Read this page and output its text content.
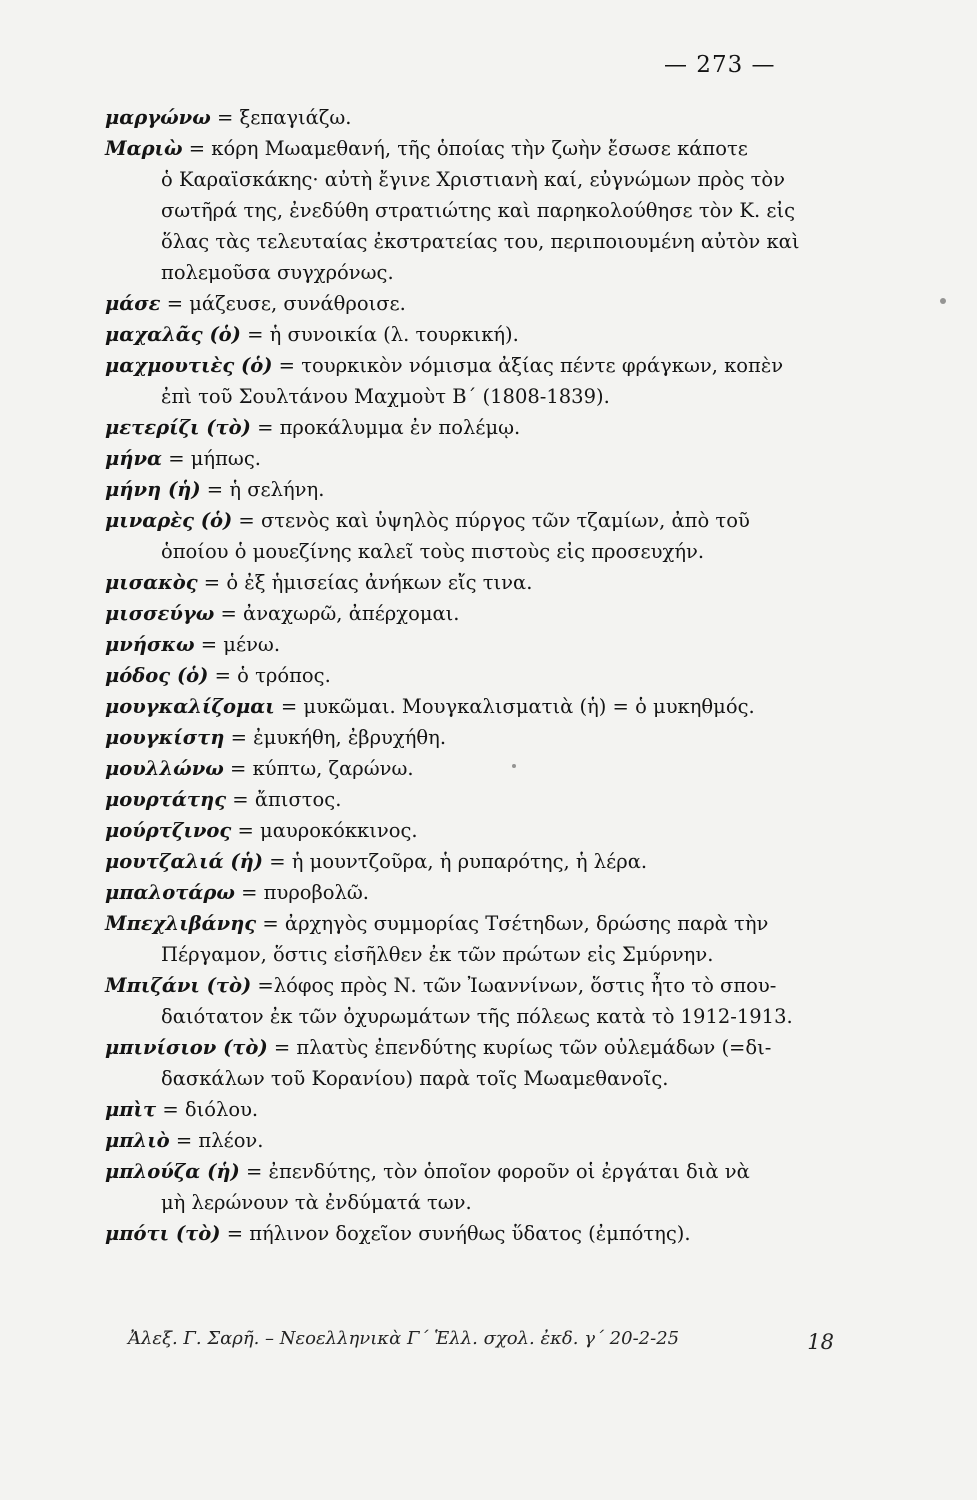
— 273 —

μαργώνω = ξεπαγιάζω.

Μαριὼ = κόρη Μωαμεθανή, τῆς ὁποίας τὴν ζωὴν ἔσωσε κάποτε
ὁ Καραϊσκάκης· αὐτὴ ἔγινε Χριστιανὴ καί, εὐγνώμων πρὸς τὸν σωτῆρά της, ἐνεδύθη στρατιώτης καὶ παρηκολούθησε τὸν Κ. εἰς ὅλας τὰς τελευταίας ἐκστρατείας του, περιποιουμένη αὐτὸν καὶ πολεμοῦσα συγχρόνως.

μάσε = μάζευσε, συνάθροισε.

μαχαλᾶς (ὁ) = ἡ συνοικία (λ. τουρκική).

μαχμουτιὲς (ὁ) = τουρκικὸν νόμισμα ἀξίας πέντε φράγκων, κοπὲν
ἐπὶ τοῦ Σουλτάνου Μαχμοὺτ Β΄ (1808-1839).

μετερίζι (τὸ) = προκάλυμμα ἐν πολέμῳ.

μήνα = μήπως.

μήνη (ἡ) = ἡ σελήνη.

μιναρὲς (ὁ) = στενὸς καὶ ὑψηλὸς πύργος τῶν τζαμίων, ἀπὸ τοῦ
ὁποίου ὁ μουεζίνης καλεῖ τοὺς πιστοὺς εἰς προσευχήν.

μισακὸς = ὁ ἐξ ἡμισείας ἀνήκων εἴς τινα.

μισσεύγω = ἀναχωρῶ, ἀπέρχομαι.

μνήσκω = μένω.

μόδος (ὁ) = ὁ τρόπος.

μουγκαλίζομαι = μυκῶμαι. Μουγκαλισματιὰ (ἡ) = ὁ μυκηθμός.

μουγκίστη = ἐμυκήθη, ἐβρυχήθη.

μουλλώνω = κύπτω, ζαρώνω.

μουρτάτης = ἄπιστος.

μούρτζινος = μαυροκόκκινος.

μουτζαλιά (ἡ) = ἡ μουντζοῦρα, ἡ ρυπαρότης, ἡ λέρα.

μπαλοτάρω = πυροβολῶ.

Μπεχλιβάνης = ἀρχηγὸς συμμορίας Τσέτηδων, δρώσης παρὰ τὴν
Πέργαμον, ὅστις εἰσῆλθεν ἐκ τῶν πρώτων εἰς Σμύρνην.

Μπιζάνι (τὸ) =λόφος πρὸς Ν. τῶν Ἰωαννίνων, ὅστις ἦτο τὸ σπου-
δαιότατον ἐκ τῶν ὀχυρωμάτων τῆς πόλεως κατὰ τὸ 1912-1913.

μπινίσιον (τὸ) = πλατὺς ἐπενδύτης κυρίως τῶν οὐλεμάδων (=δι-
δασκάλων τοῦ Κορανίου) παρὰ τοῖς Μωαμεθανοῖς.

μπὶτ = διόλου.

μπλιὸ = πλέον.

μπλούζα (ἡ) = ἐπενδύτης, τὸν ὁποῖον φοροῦν οἱ ἐργάται διὰ νὰ
μὴ λερώνουν τὰ ἐνδύματά των.

μπότι (τὸ) = πήλινον δοχεῖον συνήθως ὕδατος (ἐμπότης).

Ἀλεξ. Γ. Σαρῆ. – Νεοελληνικὰ Γ΄ Ἑλλ. σχολ. ἐκδ. γ΄ 20-2-25	18
